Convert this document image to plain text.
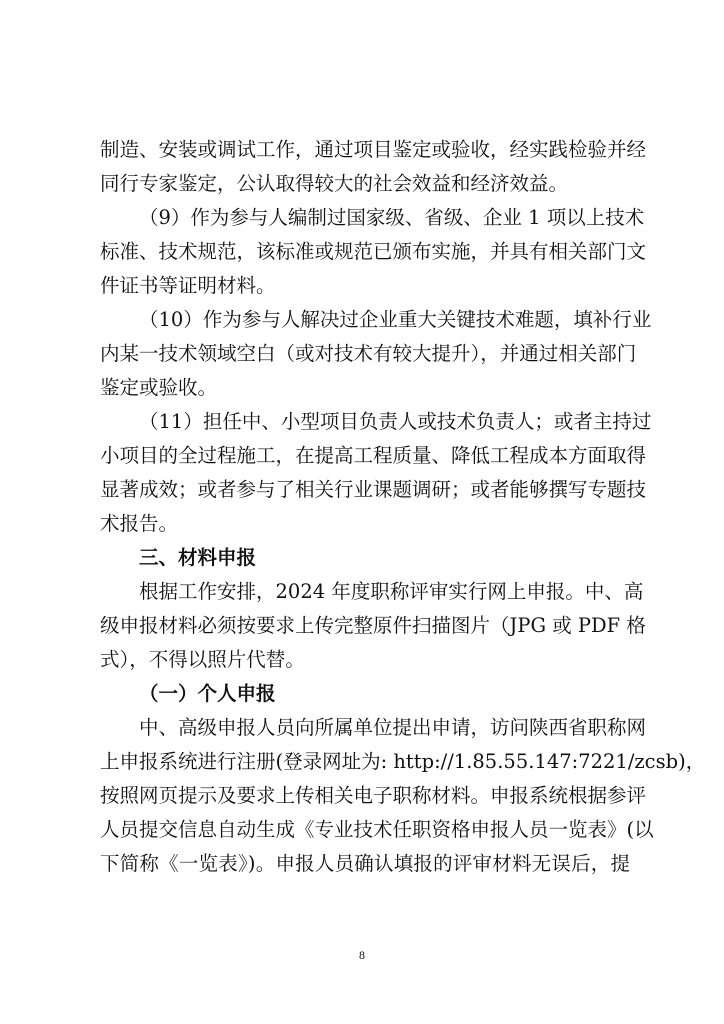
制造、安装或调试工作，通过项目鉴定或验收，经实践检验并经
同行专家鉴定，公认取得较大的社会效益和经济效益。
（9）作为参与人编制过国家级、省级、企业 1 项以上技术
标准、技术规范，该标准或规范已颁布实施，并具有相关部门文
件证书等证明材料。
（10）作为参与人解决过企业重大关键技术难题，填补行业
内某一技术领域空白（或对技术有较大提升），并通过相关部门
鉴定或验收。
（11）担任中、小型项目负责人或技术负责人；或者主持过
小项目的全过程施工，在提高工程质量、降低工程成本方面取得
显著成效；或者参与了相关行业课题调研；或者能够撰写专题技
术报告。
三、材料申报
根据工作安排，2024 年度职称评审实行网上申报。中、高
级申报材料必须按要求上传完整原件扫描图片（JPG 或 PDF 格
式），不得以照片代替。
（一）个人申报
中、高级申报人员向所属单位提出申请，访问陕西省职称网
上申报系统进行注册(登录网址为: http://1.85.55.147:7221/zcsb)，
按照网页提示及要求上传相关电子职称材料。申报系统根据参评
人员提交信息自动生成《专业技术任职资格申报人员一览表》(以
下简称《一览表》)。申报人员确认填报的评审材料无误后，提
8
